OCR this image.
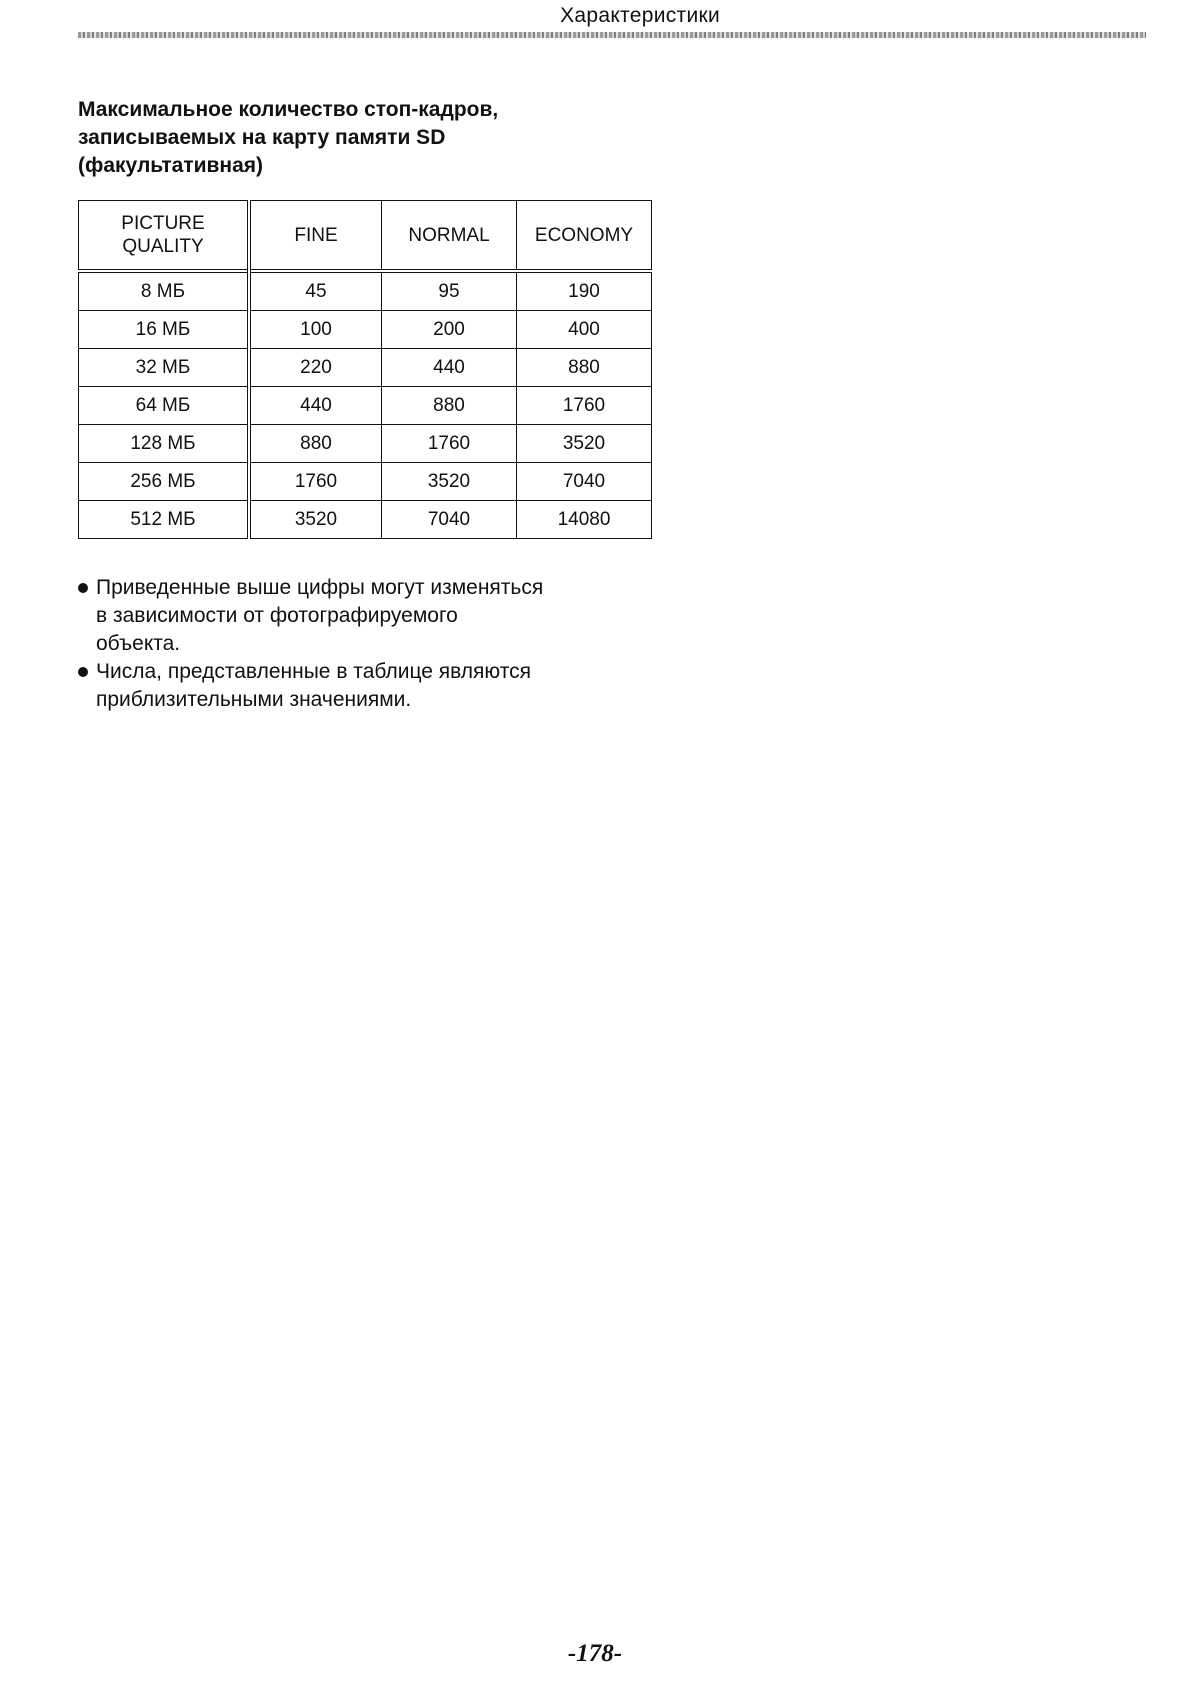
Характеристики
Максимальное количество стоп-кадров,
записываемых на карту памяти SD
(факультативная)
PICTURE
QUALITY	FINE	NORMAL	ECONOMY
8 МБ	45	95	190
16 МБ	100	200	400
32 МБ	220	440	880
64 МБ	440	880	1760
128 МБ	880	1760	3520
256 МБ	1760	3520	7040
512 МБ	3520	7040	14080
Приведенные выше цифры могут изменяться
в зависимости от фотографируемого
объекта.
Числа, представленные в таблице являются
приблизительными значениями.
-178-
